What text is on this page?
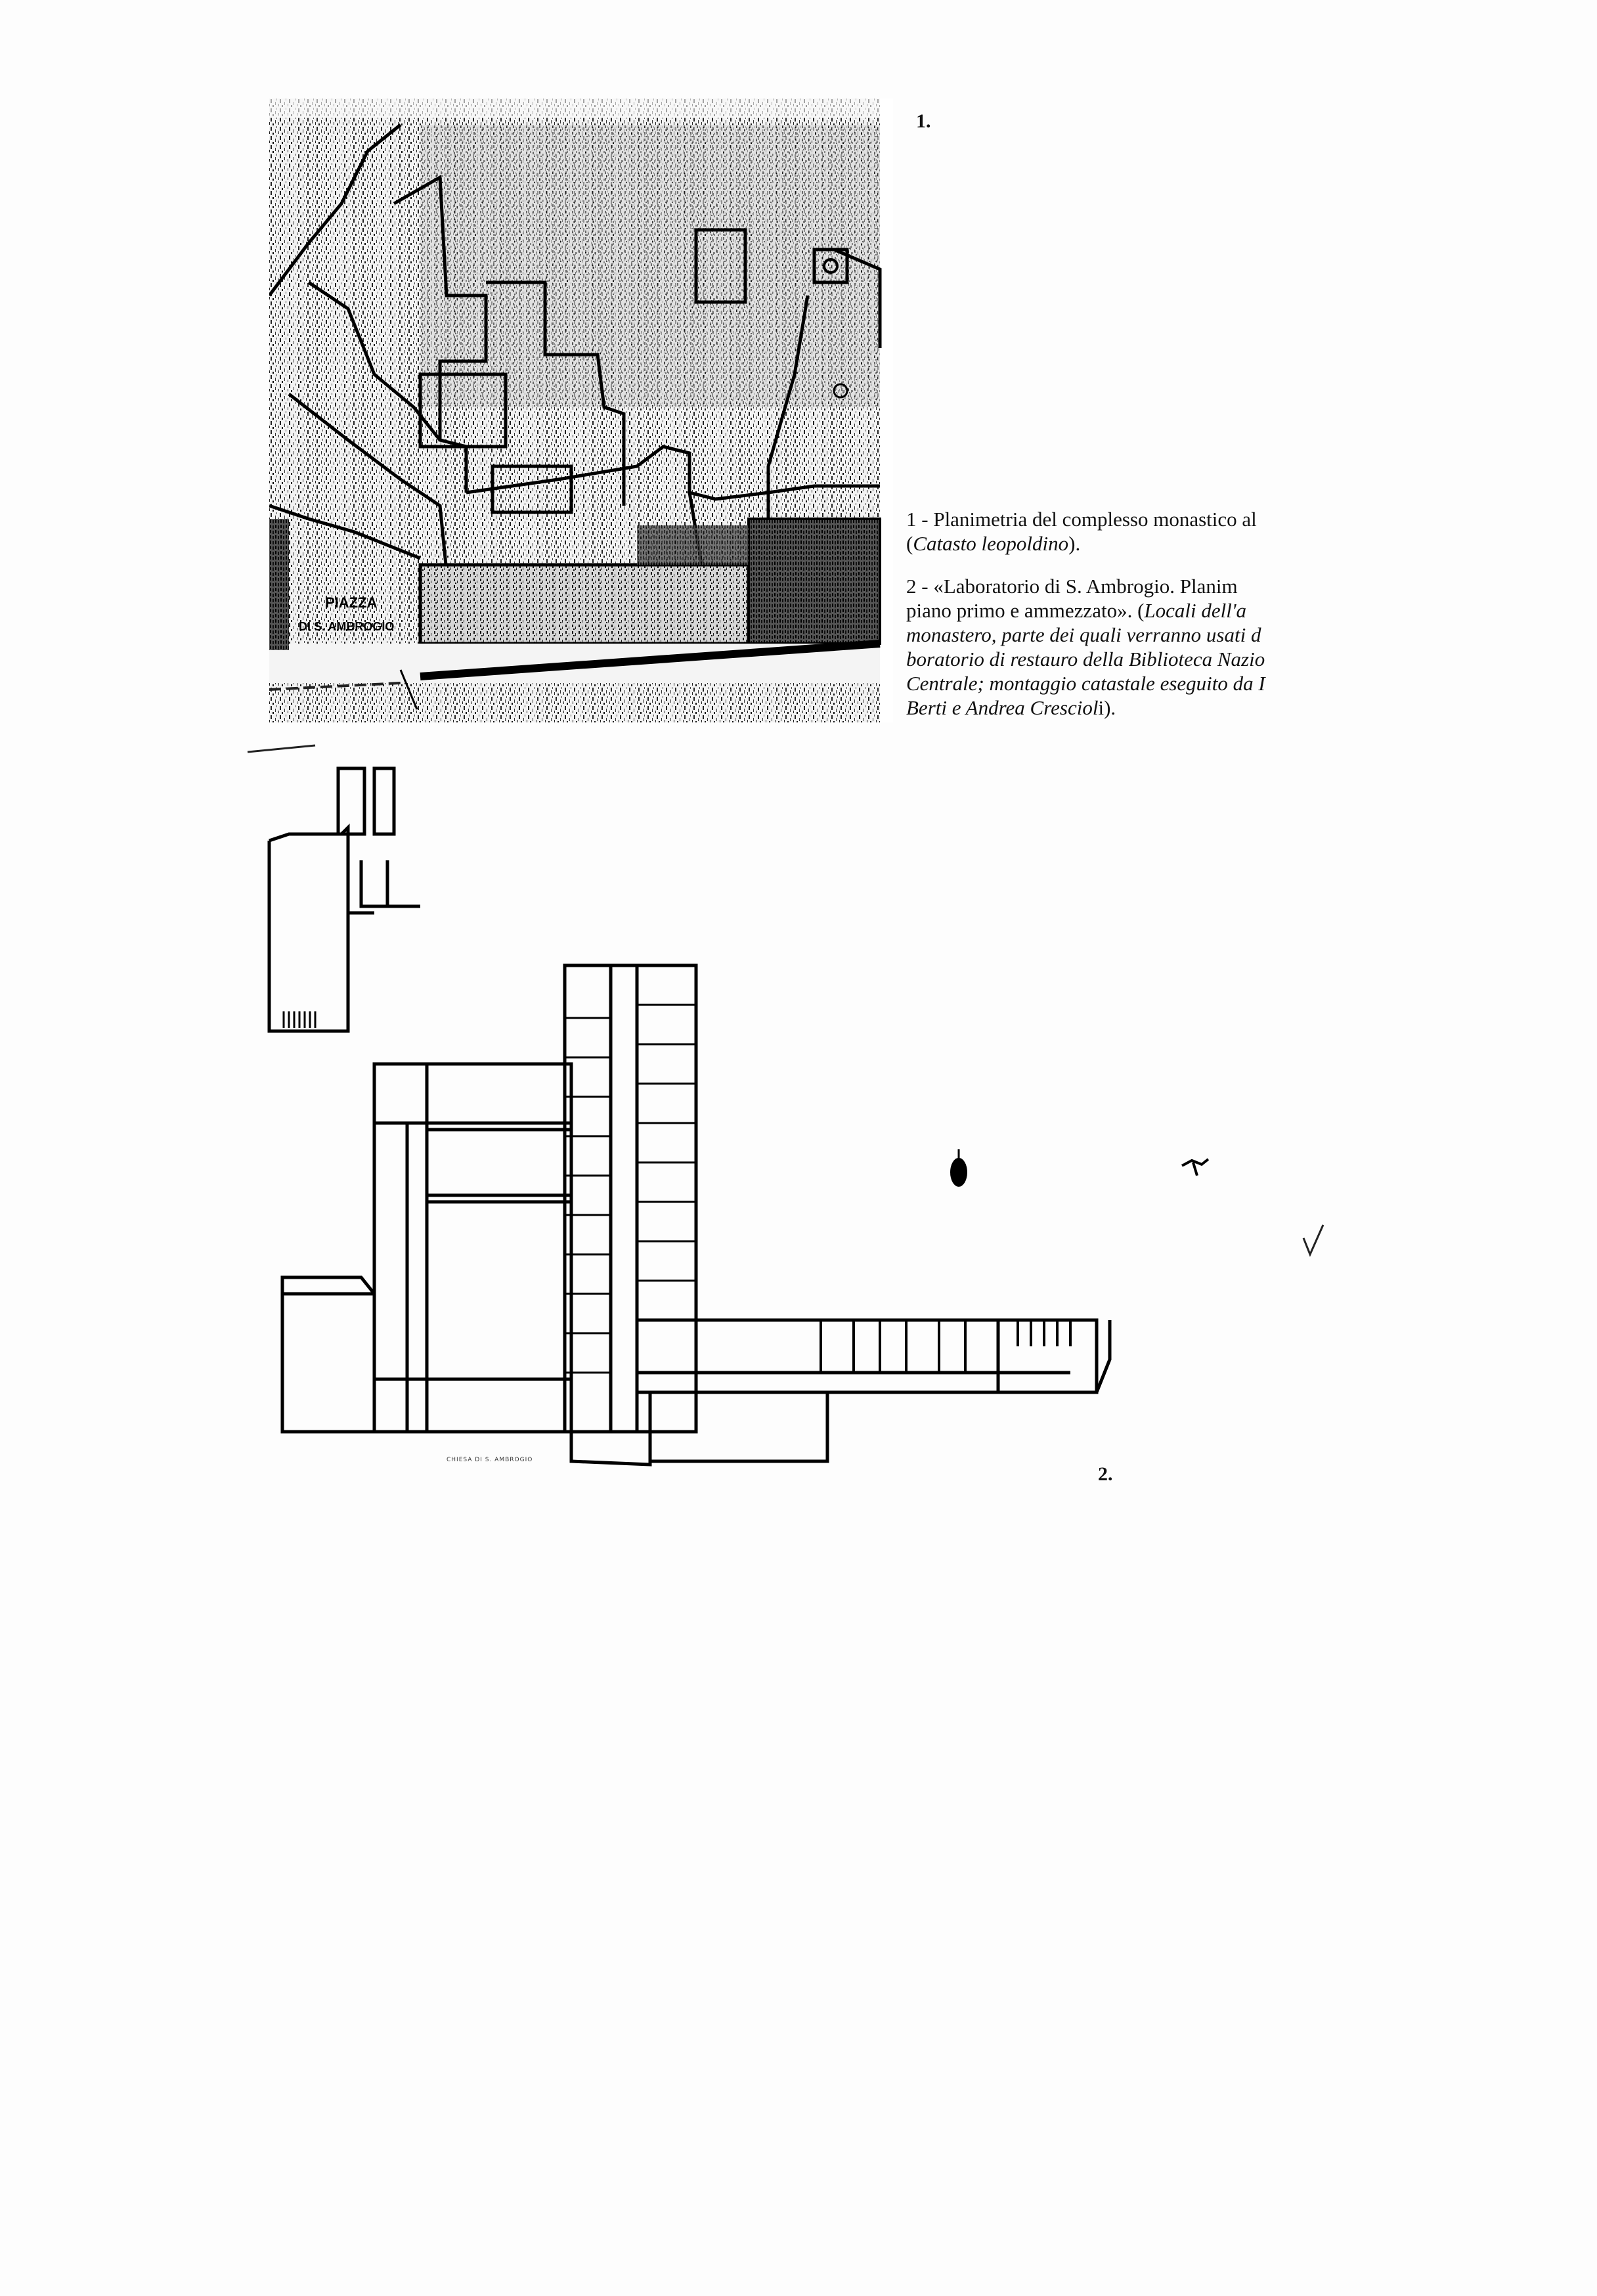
PIAZZA
DI S. AMBROGIO
1.
1 - Planimetria del complesso monastico al
(Catasto leopoldino).
2 - «Laboratorio di S. Ambrogio. Planim
piano primo e ammezzato». (Locali dell'a
monastero, parte dei quali verranno usati d
boratorio di restauro della Biblioteca Nazio
Centrale; montaggio catastale eseguito da I
Berti e Andrea Crescioli).
CHIESA DI S. AMBROGIO
2.
